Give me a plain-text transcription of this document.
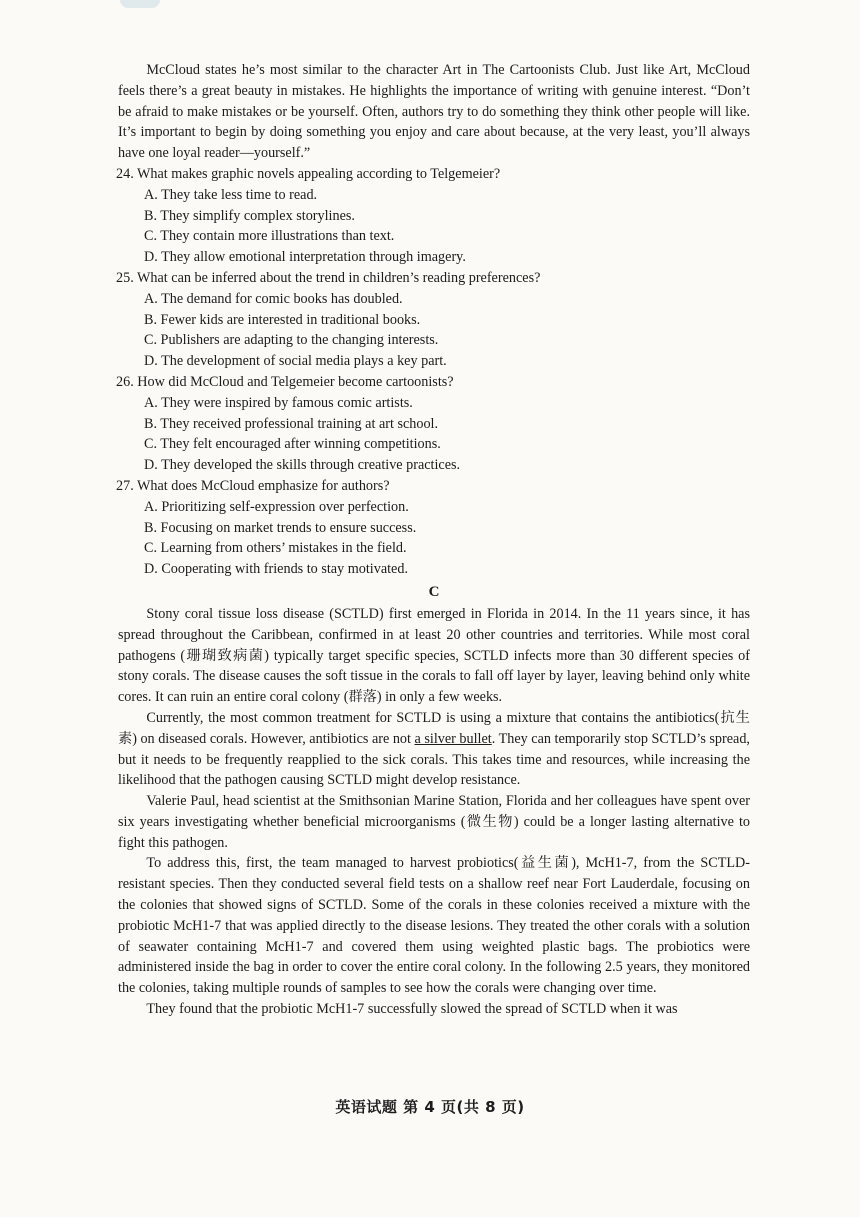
McCloud states he’s most similar to the character Art in The Cartoonists Club. Just like Art, McCloud feels there’s a great beauty in mistakes. He highlights the importance of writing with genuine interest. “Don’t be afraid to make mistakes or be yourself. Often, authors try to do something they think other people will like. It’s important to begin by doing something you enjoy and care about because, at the very least, you’ll always have one loyal reader—yourself.”

24. What makes graphic novels appealing according to Telgemeier?

A. They take less time to read.

B. They simplify complex storylines.

C. They contain more illustrations than text.

D. They allow emotional interpretation through imagery.

25. What can be inferred about the trend in children’s reading preferences?

A. The demand for comic books has doubled.

B. Fewer kids are interested in traditional books.

C. Publishers are adapting to the changing interests.

D. The development of social media plays a key part.

26. How did McCloud and Telgemeier become cartoonists?

A. They were inspired by famous comic artists.

B. They received professional training at art school.

C. They felt encouraged after winning competitions.

D. They developed the skills through creative practices.

27. What does McCloud emphasize for authors?

A. Prioritizing self-expression over perfection.

B. Focusing on market trends to ensure success.

C. Learning from others’ mistakes in the field.

D. Cooperating with friends to stay motivated.

C

Stony coral tissue loss disease (SCTLD) first emerged in Florida in 2014. In the 11 years since, it has spread throughout the Caribbean, confirmed in at least 20 other countries and territories. While most coral pathogens (珊瑚致病菌) typically target specific species, SCTLD infects more than 30 different species of stony corals. The disease causes the soft tissue in the corals to fall off layer by layer, leaving behind only white cores. It can ruin an entire coral colony (群落) in only a few weeks.

Currently, the most common treatment for SCTLD is using a mixture that contains the antibiotics(抗生素) on diseased corals. However, antibiotics are not a silver bullet. They can temporarily stop SCTLD’s spread, but it needs to be frequently reapplied to the sick corals. This takes time and resources, while increasing the likelihood that the pathogen causing SCTLD might develop resistance.

Valerie Paul, head scientist at the Smithsonian Marine Station, Florida and her colleagues have spent over six years investigating whether beneficial microorganisms (微生物) could be a longer lasting alternative to fight this pathogen.

To address this, first, the team managed to harvest probiotics(益生菌), McH1-7, from the SCTLD-resistant species. Then they conducted several field tests on a shallow reef near Fort Lauderdale, focusing on the colonies that showed signs of SCTLD. Some of the corals in these colonies received a mixture with the probiotic McH1-7 that was applied directly to the disease lesions. They treated the other corals with a solution of seawater containing McH1-7 and covered them using weighted plastic bags. The probiotics were administered inside the bag in order to cover the entire coral colony. In the following 2.5 years, they monitored the colonies, taking multiple rounds of samples to see how the corals were changing over time.

They found that the probiotic McH1-7 successfully slowed the spread of SCTLD when it was

英语试题 第 4 页(共 8 页)
